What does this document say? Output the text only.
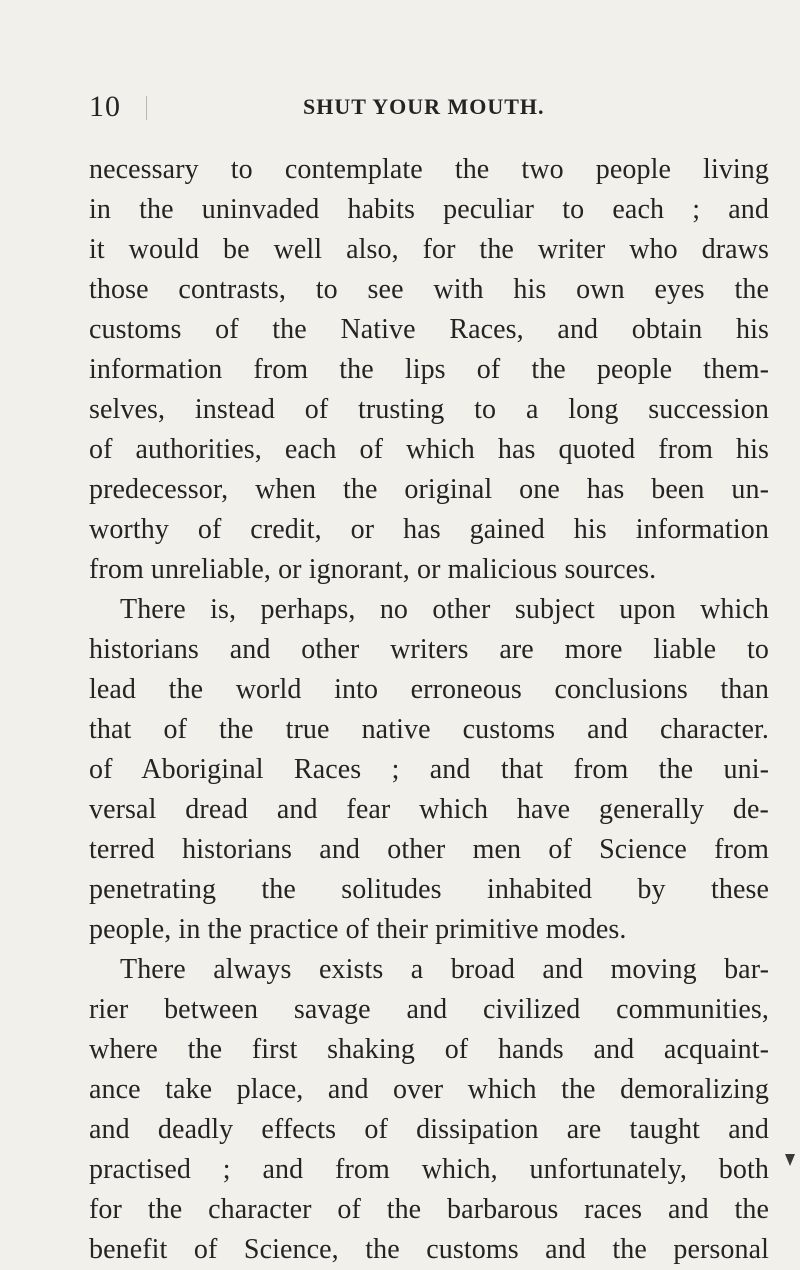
10	SHUT YOUR MOUTH.
necessary to contemplate the two people living
in the uninvaded habits peculiar to each ; and
it would be well also, for the writer who draws
those contrasts, to see with his own eyes the
customs of the Native Races, and obtain his
information from the lips of the people them-
selves, instead of trusting to a long succession
of authorities, each of which has quoted from his
predecessor, when the original one has been un-
worthy of credit, or has gained his information
from unreliable, or ignorant, or malicious sources.
There is, perhaps, no other subject upon which
historians and other writers are more liable to
lead the world into erroneous conclusions than
that of the true native customs and character.
of Aboriginal Races ; and that from the uni-
versal dread and fear which have generally de-
terred historians and other men of Science from
penetrating the solitudes inhabited by these
people, in the practice of their primitive modes.
There always exists a broad and moving bar-
rier between savage and civilized communities,
where the first shaking of hands and acquaint-
ance take place, and over which the demoralizing
and deadly effects of dissipation are taught and
practised ; and from which, unfortunately, both
for the character of the barbarous races and the
benefit of Science, the customs and the personal
